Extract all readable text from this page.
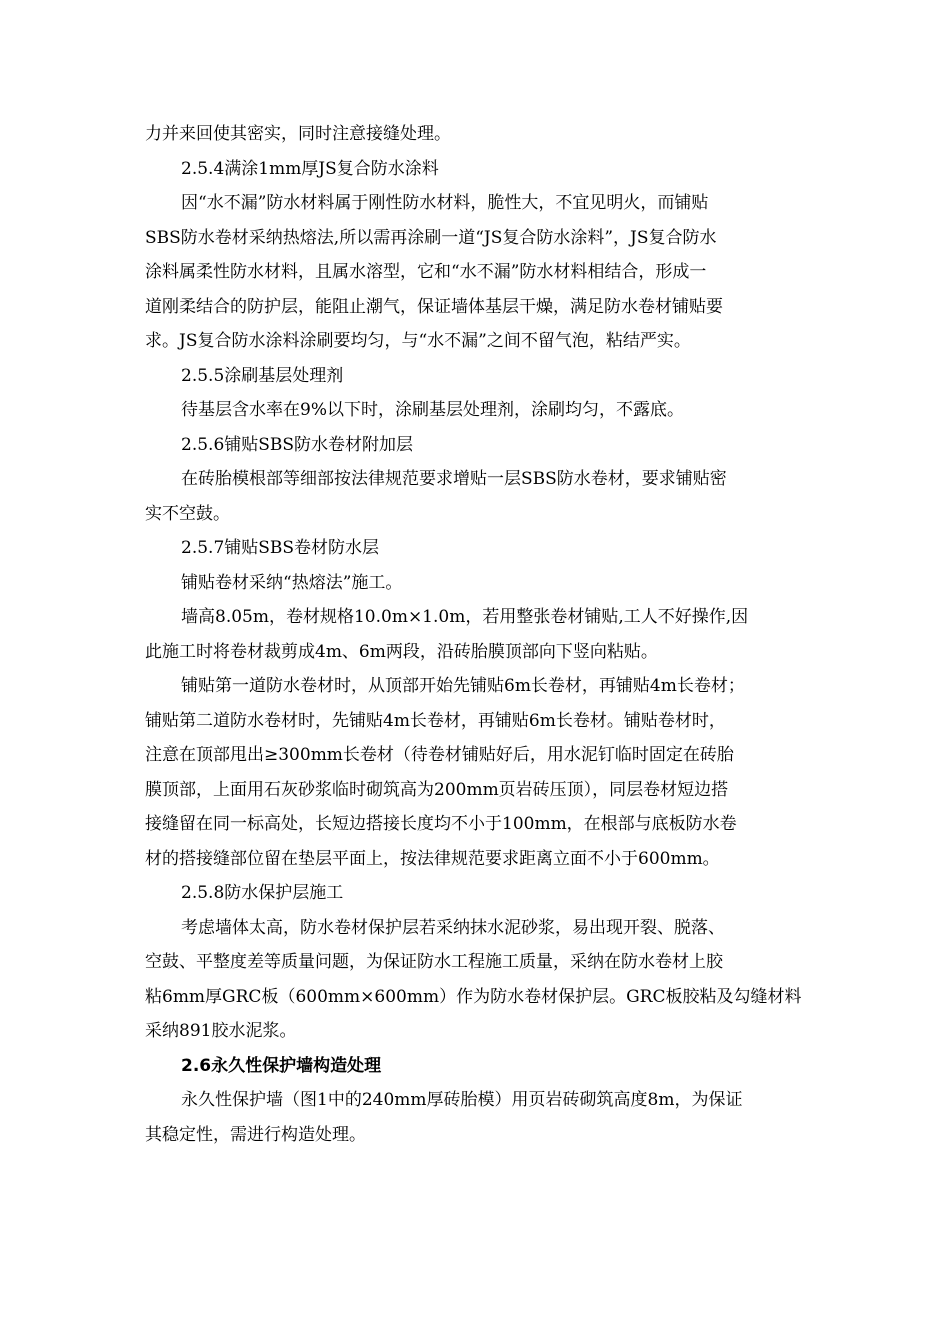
力并来回使其密实，同时注意接缝处理。
2.5.4满涂1mm厚JS复合防水涂料
因“水不漏”防水材料属于刚性防水材料，脆性大，不宜见明火，而铺贴
SBS防水卷材采纳热熔法,所以需再涂刷一道“JS复合防水涂料”，JS复合防水
涂料属柔性防水材料，且属水溶型，它和“水不漏”防水材料相结合，形成一
道刚柔结合的防护层，能阻止潮气，保证墙体基层干燥，满足防水卷材铺贴要
求。JS复合防水涂料涂刷要均匀，与“水不漏”之间不留气泡，粘结严实。
2.5.5涂刷基层处理剂
待基层含水率在9%以下时，涂刷基层处理剂，涂刷均匀，不露底。
2.5.6铺贴SBS防水卷材附加层
在砖胎模根部等细部按法律规范要求增贴一层SBS防水卷材，要求铺贴密
实不空鼓。
2.5.7铺贴SBS卷材防水层
铺贴卷材采纳“热熔法”施工。
墙高8.05m，卷材规格10.0m×1.0m，若用整张卷材铺贴,工人不好操作,因
此施工时将卷材裁剪成4m、6m两段，沿砖胎膜顶部向下竖向粘贴。
铺贴第一道防水卷材时，从顶部开始先铺贴6m长卷材，再铺贴4m长卷材；
铺贴第二道防水卷材时，先铺贴4m长卷材，再铺贴6m长卷材。铺贴卷材时，
注意在顶部甩出≥300mm长卷材（待卷材铺贴好后，用水泥钉临时固定在砖胎
膜顶部，上面用石灰砂浆临时砌筑高为200mm页岩砖压顶），同层卷材短边搭
接缝留在同一标高处，长短边搭接长度均不小于100mm，在根部与底板防水卷
材的搭接缝部位留在垫层平面上，按法律规范要求距离立面不小于600mm。
2.5.8防水保护层施工
考虑墙体太高，防水卷材保护层若采纳抹水泥砂浆，易出现开裂、脱落、
空鼓、平整度差等质量问题，为保证防水工程施工质量，采纳在防水卷材上胶
粘6mm厚GRC板（600mm×600mm）作为防水卷材保护层。GRC板胶粘及勾缝材料
采纳891胶水泥浆。
2.6永久性保护墙构造处理
永久性保护墙（图1中的240mm厚砖胎模）用页岩砖砌筑高度8m，为保证
其稳定性，需进行构造处理。
